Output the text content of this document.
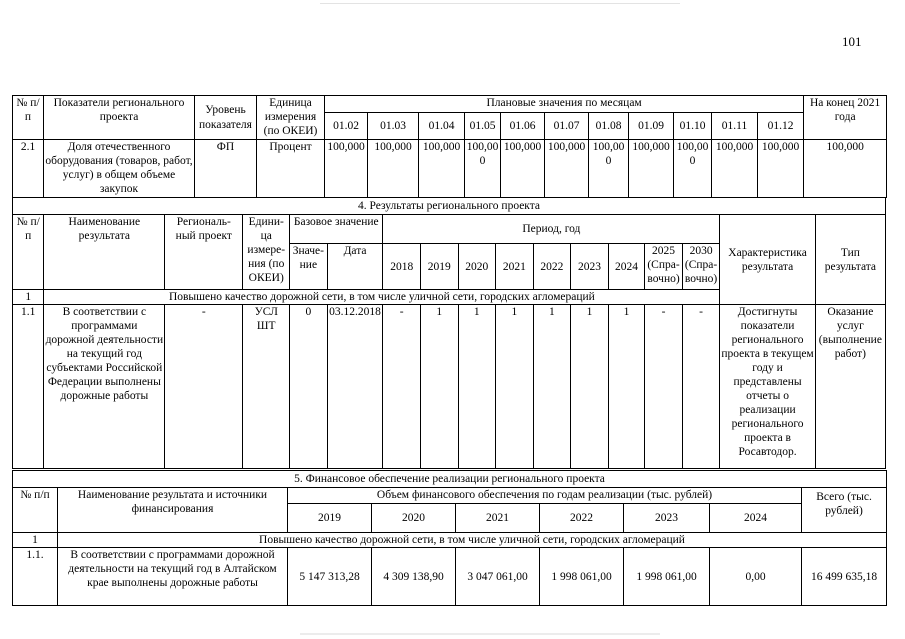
101
№ п/п	Показатели регионального проекта	Уровень показателя	Единица измерения (по ОКЕИ)	Плановые значения по месяцам											На конец 2021 года
				01.02	01.03	01.04	01.05	01.06	01.07	01.08	01.09	01.10	01.11	01.12	
2.1	Доля отечественного оборудования (товаров, работ, услуг) в общем объеме закупок	ФП	Процент	100,000	100,000	100,000	100,000	100,000	100,000	100,000	100,000	100,000	100,000	100,000	100,000
4. Результаты регионального проекта																
№ п/п	Наименование результата	Региональ- ный проект	Едини- ца измере- ния (по ОКЕИ)	Базовое значение		Период, год									Характеристика результата	Тип результата
				Значе- ние	Дата	2018	2019	2020	2021	2022	2023	2024	2025 (Спра- вочно)	2030 (Спра- вочно)		
1	Повышено качество дорожной сети, в том числе уличной сети, городских агломераций															
1.1	В соответствии с программами дорожной деятельности на текущий год субъектами Российской Федерации выполнены дорожные работы	-	УСЛ ШТ	0	03.12.2018	-	1	1	1	1	1	1	-	-	Достигнуты показатели регионального проекта в текущем году и представлены отчеты о реализации регионального проекта в Росавтодор.	Оказание услуг (выполнение работ)
5. Финансовое обеспечение реализации регионального проекта								
№ п/п	Наименование результата и источники финансирования	Объем финансового обеспечения по годам реализации (тыс. рублей)						Всего (тыс. рублей)
		2019	2020	2021	2022	2023	2024	
1	Повышено качество дорожной сети, в том числе уличной сети, городских агломераций							
1.1.	В соответствии с программами дорожной деятельности на текущий год в Алтайском крае выполнены дорожные работы	5 147 313,28	4 309 138,90	3 047 061,00	1 998 061,00	1 998 061,00	0,00	16 499 635,18
